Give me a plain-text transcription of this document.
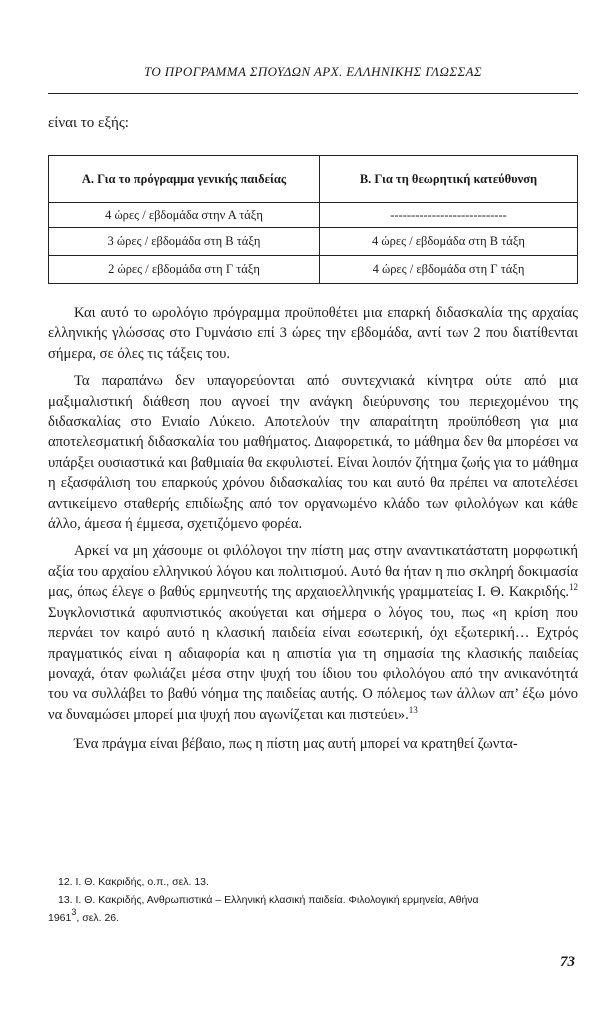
ΤΟ ΠΡΟΓΡΑΜΜΑ ΣΠΟΥΔΩΝ ΑΡΧ. ΕΛΛΗΝΙΚΗΣ ΓΛΩΣΣΑΣ
είναι το εξής:
Α. Για το πρόγραμμα γενικής παιδείας	Β. Για τη θεωρητική κατεύθυνση
4 ώρες / εβδομάδα στην Α τάξη	----------------------------
3 ώρες / εβδομάδα στη Β τάξη	4 ώρες / εβδομάδα στη Β τάξη
2 ώρες / εβδομάδα στη Γ τάξη	4 ώρες / εβδομάδα στη Γ τάξη

Και αυτό το ωρολόγιο πρόγραμμα προϋποθέτει μια επαρκή διδασκαλία της αρχαίας ελληνικής γλώσσας στο Γυμνάσιο επί 3 ώρες την εβδομάδα, αντί των 2 που διατίθενται σήμερα, σε όλες τις τάξεις του.

Τα παραπάνω δεν υπαγορεύονται από συντεχνιακά κίνητρα ούτε από μια μαξιμαλιστική διάθεση που αγνοεί την ανάγκη διεύρυνσης του περιεχομένου της διδασκαλίας στο Ενιαίο Λύκειο. Αποτελούν την απαραίτητη προϋπόθεση για μια αποτελεσματική διδασκαλία του μαθήματος. Διαφορετικά, το μάθημα δεν θα μπορέσει να υπάρξει ουσιαστικά και βαθμιαία θα εκφυλιστεί. Είναι λοιπόν ζήτημα ζωής για το μάθημα η εξασφάλιση του επαρκούς χρόνου διδασκαλίας του και αυτό θα πρέπει να αποτελέσει αντικείμενο σταθερής επιδίωξης από τον οργανωμένο κλάδο των φιλολόγων και κάθε άλλο, άμεσα ή έμμεσα, σχετιζόμενο φορέα.

Αρκεί να μη χάσουμε οι φιλόλογοι την πίστη μας στην αναντικατάστατη μορφωτική αξία του αρχαίου ελληνικού λόγου και πολιτισμού. Αυτό θα ήταν η πιο σκληρή δοκιμασία μας, όπως έλεγε ο βαθύς ερμηνευτής της αρχαιοελληνικής γραμματείας Ι. Θ. Κακριδής.$^{12}$ Συγκλονιστικά αφυπνιστικός ακούγεται και σήμερα ο λόγος του, πως «η κρίση που περνάει τον καιρό αυτό η κλασική παιδεία είναι εσωτερική, όχι εξωτερική… Εχτρός πραγματικός είναι η αδιαφορία και η απιστία για τη σημασία της κλασικής παιδείας μοναχά, όταν φωλιάζει μέσα στην ψυχή του ίδιου του φιλολόγου από την ανικανότητά του να συλλάβει το βαθύ νόημα της παιδείας αυτής. Ο πόλεμος των άλλων απ’ έξω μόνο να δυναμώσει μπορεί μια ψυχή που αγωνίζεται και πιστεύει».$^{13}$

Ένα πράγμα είναι βέβαιο, πως η πίστη μας αυτή μπορεί να κρατηθεί ζωντα-

12. Ι. Θ. Κακριδής, ο.π., σελ. 13.
13. Ι. Θ. Κακριδής, Ανθρωπιστικά – Ελληνική κλασική παιδεία. Φιλολογική ερμηνεία, Αθήνα
1961$^3$, σελ. 26.
73
